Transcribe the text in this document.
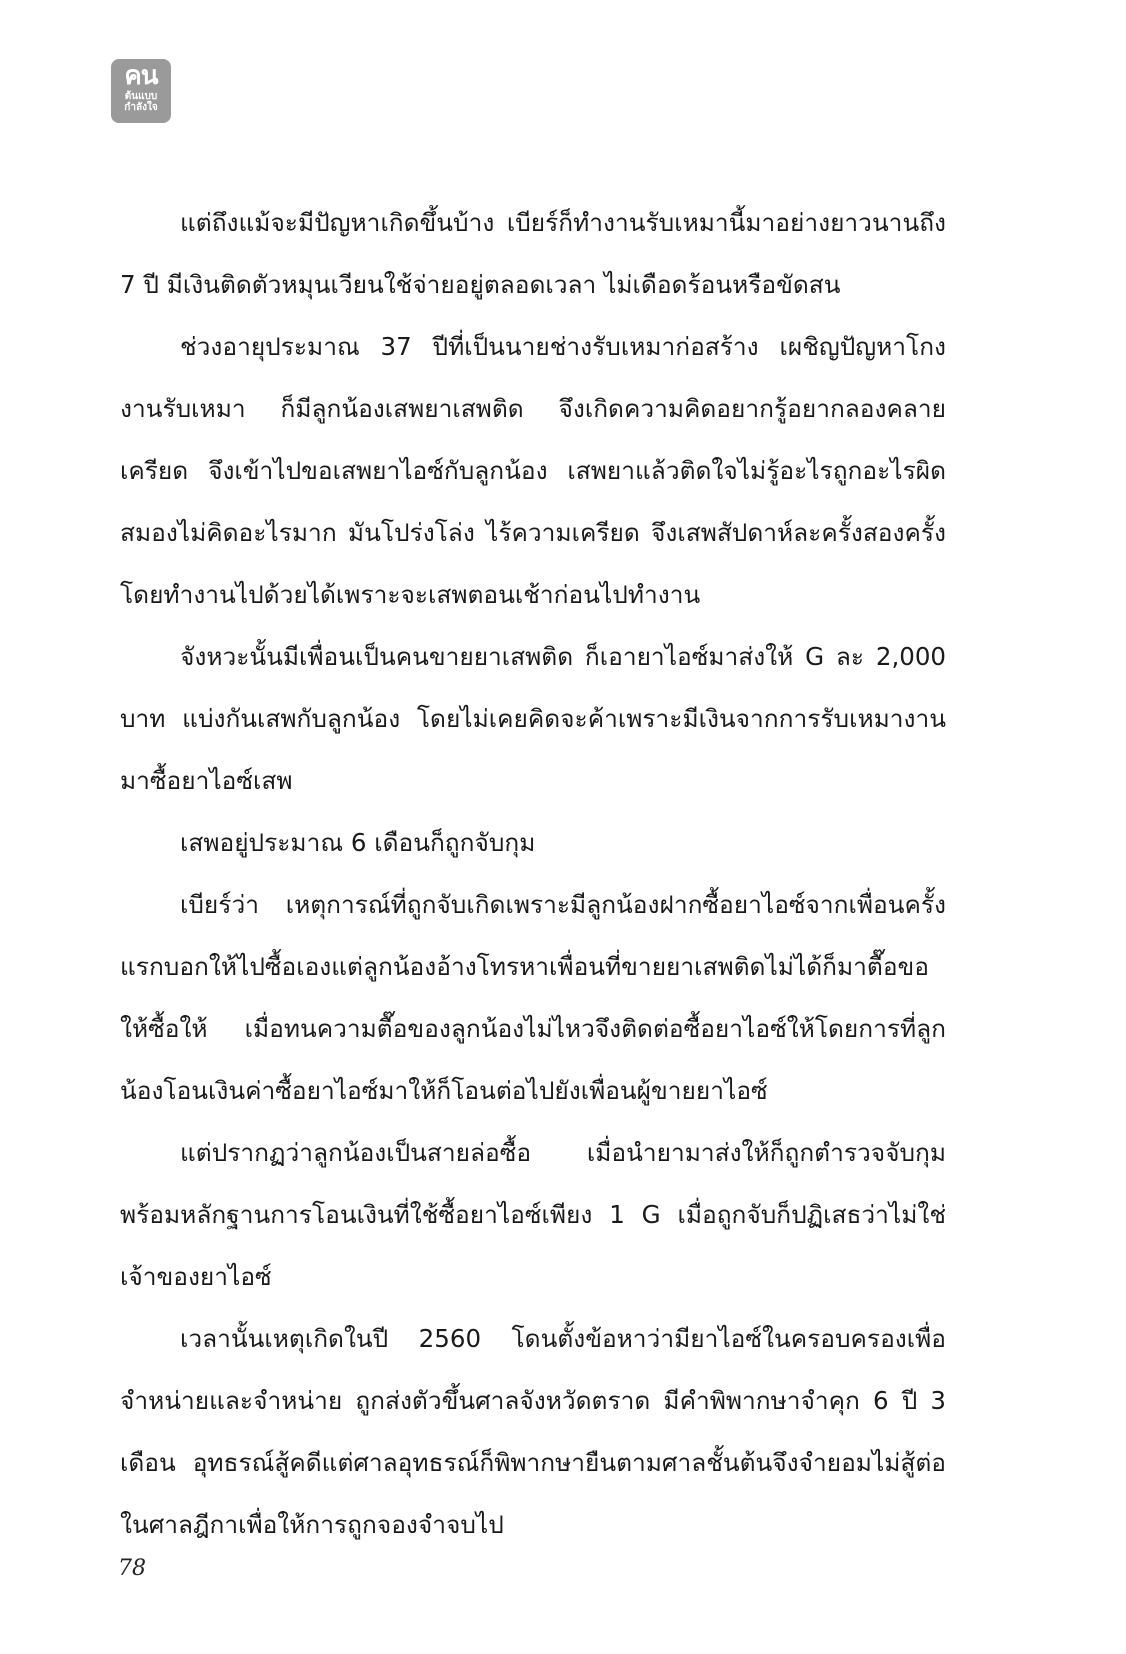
คน
ต้นแบบ
กำลังใจ

แต่ถึงแม้จะมีปัญหาเกิดขึ้นบ้าง เบียร์ก็ทำงานรับเหมานี้มาอย่างยาวนานถึง 7 ปี มีเงินติดตัวหมุนเวียนใช้จ่ายอยู่ตลอดเวลา ไม่เดือดร้อนหรือขัดสน

ช่วงอายุประมาณ 37 ปีที่เป็นนายช่างรับเหมาก่อสร้าง เผชิญปัญหาโกงงานรับเหมา ก็มีลูกน้องเสพยาเสพติด จึงเกิดความคิดอยากรู้อยากลองคลายเครียด จึงเข้าไปขอเสพยาไอซ์กับลูกน้อง เสพยาแล้วติดใจไม่รู้อะไรถูกอะไรผิด สมองไม่คิดอะไรมาก มันโปร่งโล่ง ไร้ความเครียด จึงเสพสัปดาห์ละครั้งสองครั้ง โดยทำงานไปด้วยได้เพราะจะเสพตอนเช้าก่อนไปทำงาน

จังหวะนั้นมีเพื่อนเป็นคนขายยาเสพติด ก็เอายาไอซ์มาส่งให้ G ละ 2,000 บาท แบ่งกันเสพกับลูกน้อง โดยไม่เคยคิดจะค้าเพราะมีเงินจากการรับเหมางานมาซื้อยาไอซ์เสพ

เสพอยู่ประมาณ 6 เดือนก็ถูกจับกุม

เบียร์ว่า เหตุการณ์ที่ถูกจับเกิดเพราะมีลูกน้องฝากซื้อยาไอซ์จากเพื่อนครั้งแรกบอกให้ไปซื้อเองแต่ลูกน้องอ้างโทรหาเพื่อนที่ขายยาเสพติดไม่ได้ก็มาตื๊อขอให้ซื้อให้ เมื่อทนความตื๊อของลูกน้องไม่ไหวจึงติดต่อซื้อยาไอซ์ให้โดยการที่ลูกน้องโอนเงินค่าซื้อยาไอซ์มาให้ก็โอนต่อไปยังเพื่อนผู้ขายยาไอซ์

แต่ปรากฏว่าลูกน้องเป็นสายล่อซื้อ เมื่อนำยามาส่งให้ก็ถูกตำรวจจับกุมพร้อมหลักฐานการโอนเงินที่ใช้ซื้อยาไอซ์เพียง 1 G เมื่อถูกจับก็ปฏิเสธว่าไม่ใช่เจ้าของยาไอซ์

เวลานั้นเหตุเกิดในปี 2560 โดนตั้งข้อหาว่ามียาไอซ์ในครอบครองเพื่อจำหน่ายและจำหน่าย ถูกส่งตัวขึ้นศาลจังหวัดตราด มีคำพิพากษาจำคุก 6 ปี 3 เดือน อุทธรณ์สู้คดีแต่ศาลอุทธรณ์ก็พิพากษายืนตามศาลชั้นต้นจึงจำยอมไม่สู้ต่อในศาลฎีกาเพื่อให้การถูกจองจำจบไป

78
